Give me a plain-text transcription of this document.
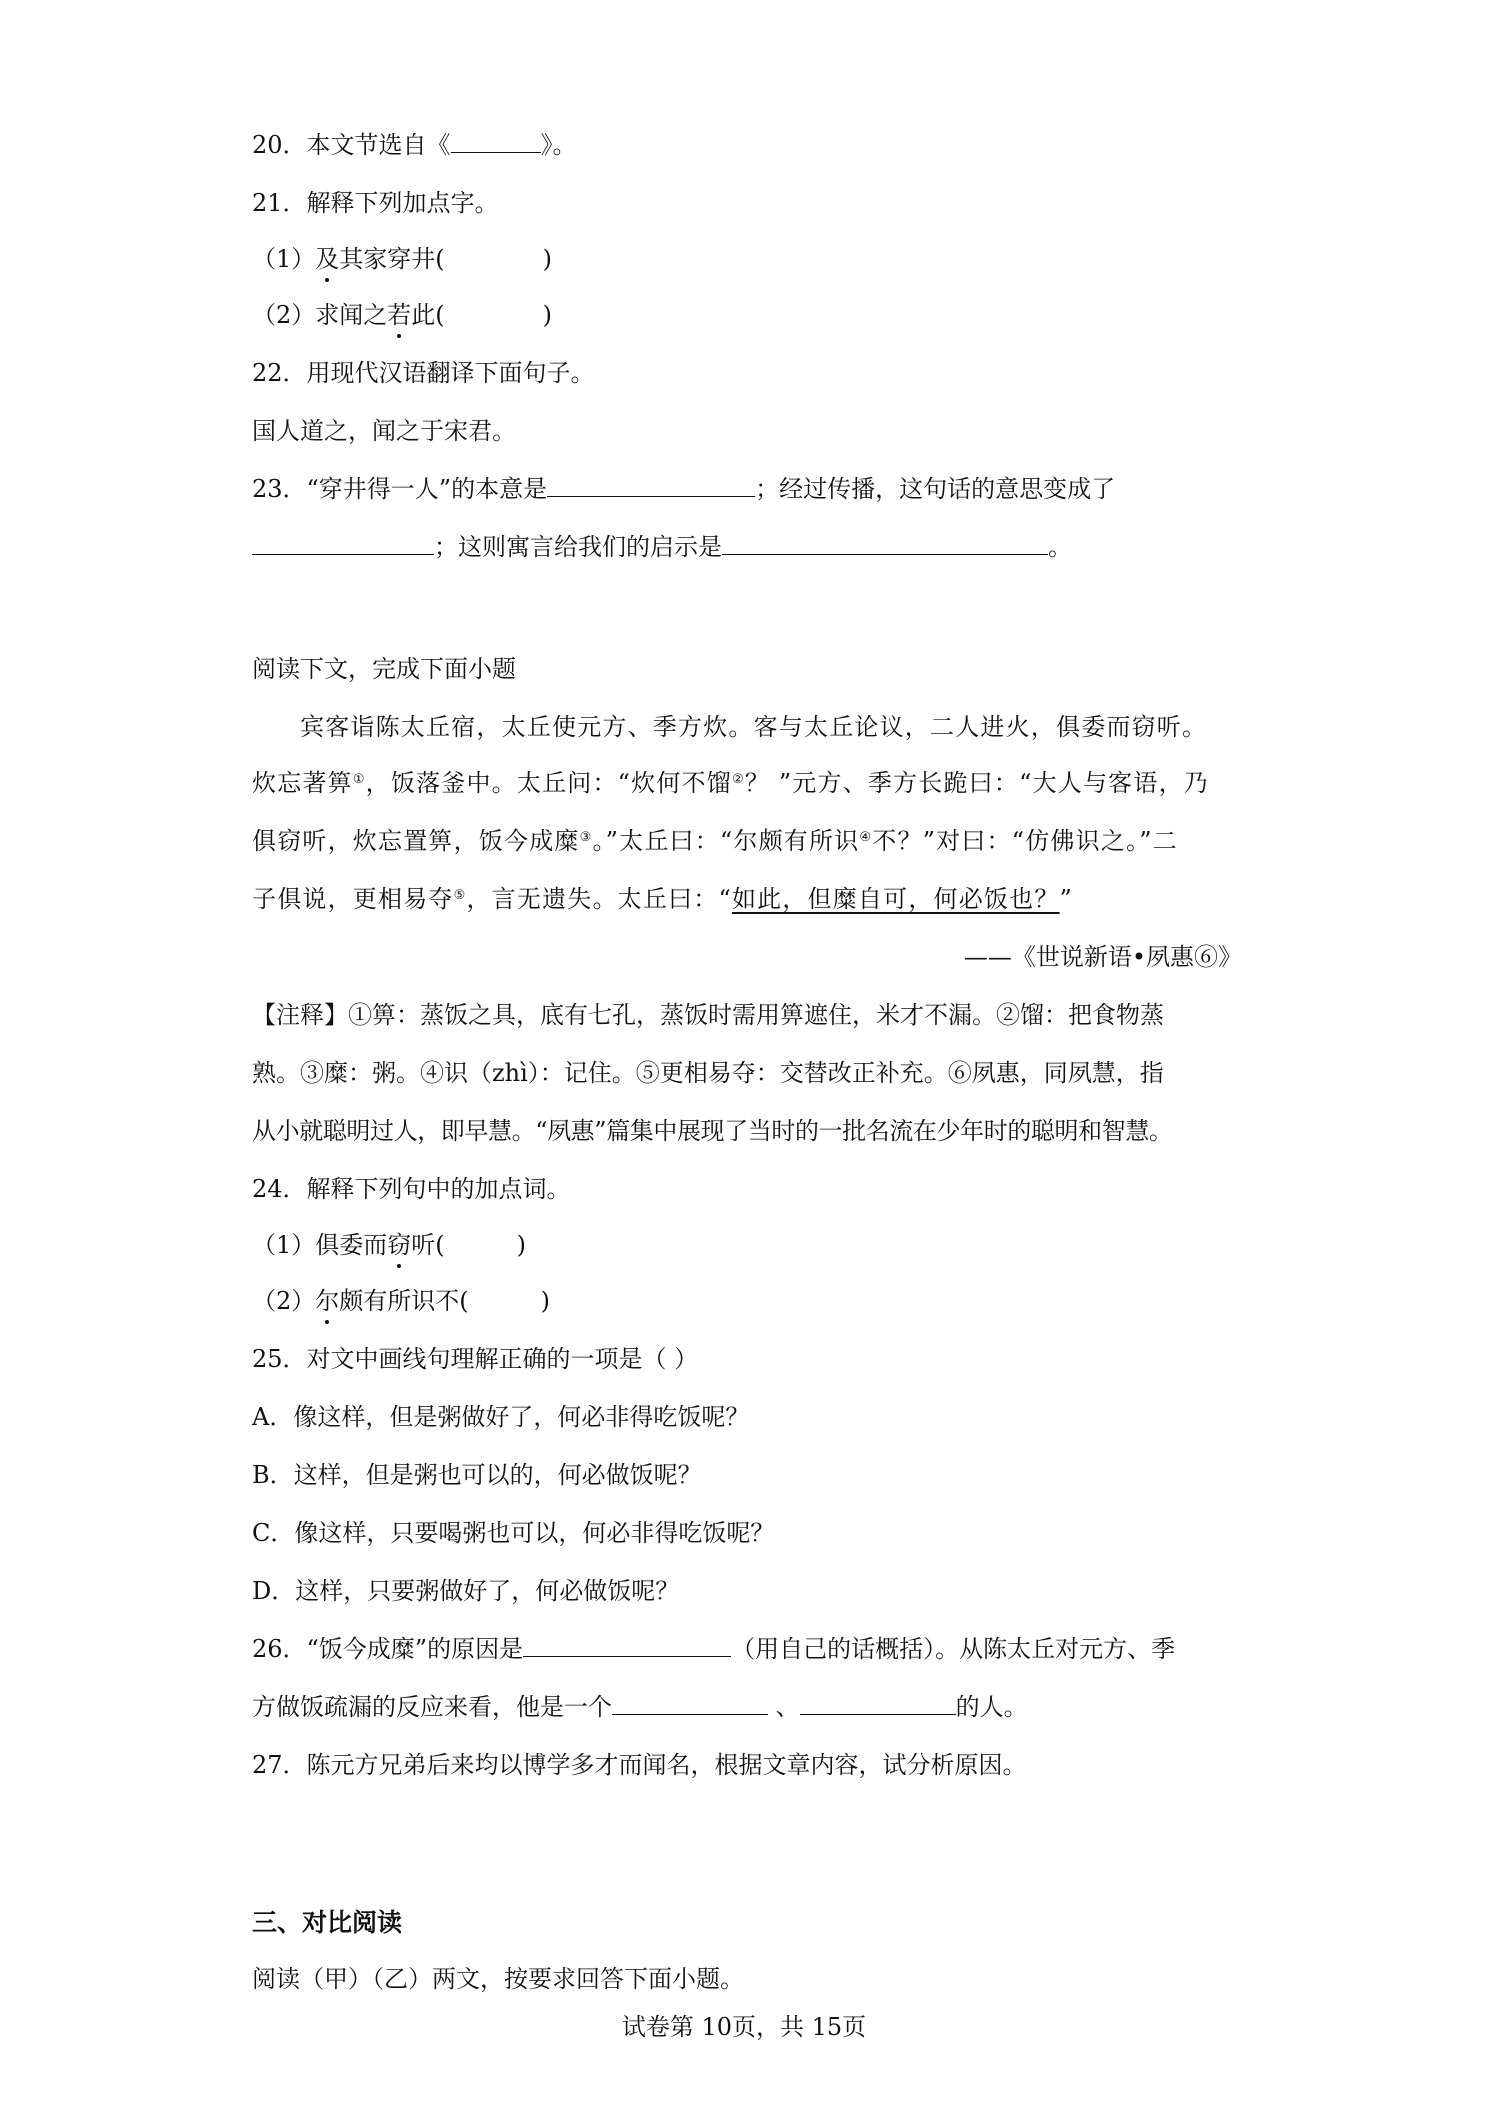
20．本文节选自《	》。
21．解释下列加点字。
（1）及其家穿井(	)
（2）求闻之若此(	)
22．用现代汉语翻译下面句子。
国人道之，闻之于宋君。
23．“穿井得一人”的本意是	；经过传播，这句话的意思变成了
；这则寓言给我们的启示是	。
阅读下文，完成下面小题
宾客诣陈太丘宿，太丘使元方、季方炊。客与太丘论议，二人进火，俱委而窃听。
炊忘著箅①，饭落釜中。太丘问：“炊何不馏②？ ”元方、季方长跪曰：“大人与客语，乃
俱窃听，炊忘置箅，饭今成糜③。”太丘曰：“尔颇有所识④不？”对曰：“仿佛识之。”二
子俱说，更相易夺⑤，言无遗失。太丘曰：“如此，但糜自可，何必饭也？”
——《世说新语•夙惠⑥》
【注释】①箅：蒸饭之具，底有七孔，蒸饭时需用箅遮住，米才不漏。②馏：把食物蒸
熟。③糜：粥。④识（zhì）：记住。⑤更相易夺：交替改正补充。⑥夙惠，同夙慧，指
从小就聪明过人，即早慧。“夙惠”篇集中展现了当时的一批名流在少年时的聪明和智慧。
24．解释下列句中的加点词。
（1）俱委而窃听(	)
（2）尔颇有所识不(	)
25．对文中画线句理解正确的一项是（ ）
A．像这样，但是粥做好了，何必非得吃饭呢？
B．这样，但是粥也可以的，何必做饭呢？
C．像这样，只要喝粥也可以，何必非得吃饭呢？
D．这样，只要粥做好了，何必做饭呢？
26．“饭今成糜”的原因是	（用自己的话概括）。从陈太丘对元方、季
方做饭疏漏的反应来看，他是一个	、	的人。
27．陈元方兄弟后来均以博学多才而闻名，根据文章内容，试分析原因。
三、对比阅读
阅读（甲）（乙）两文，按要求回答下面小题。
试卷第 10页，共 15页
